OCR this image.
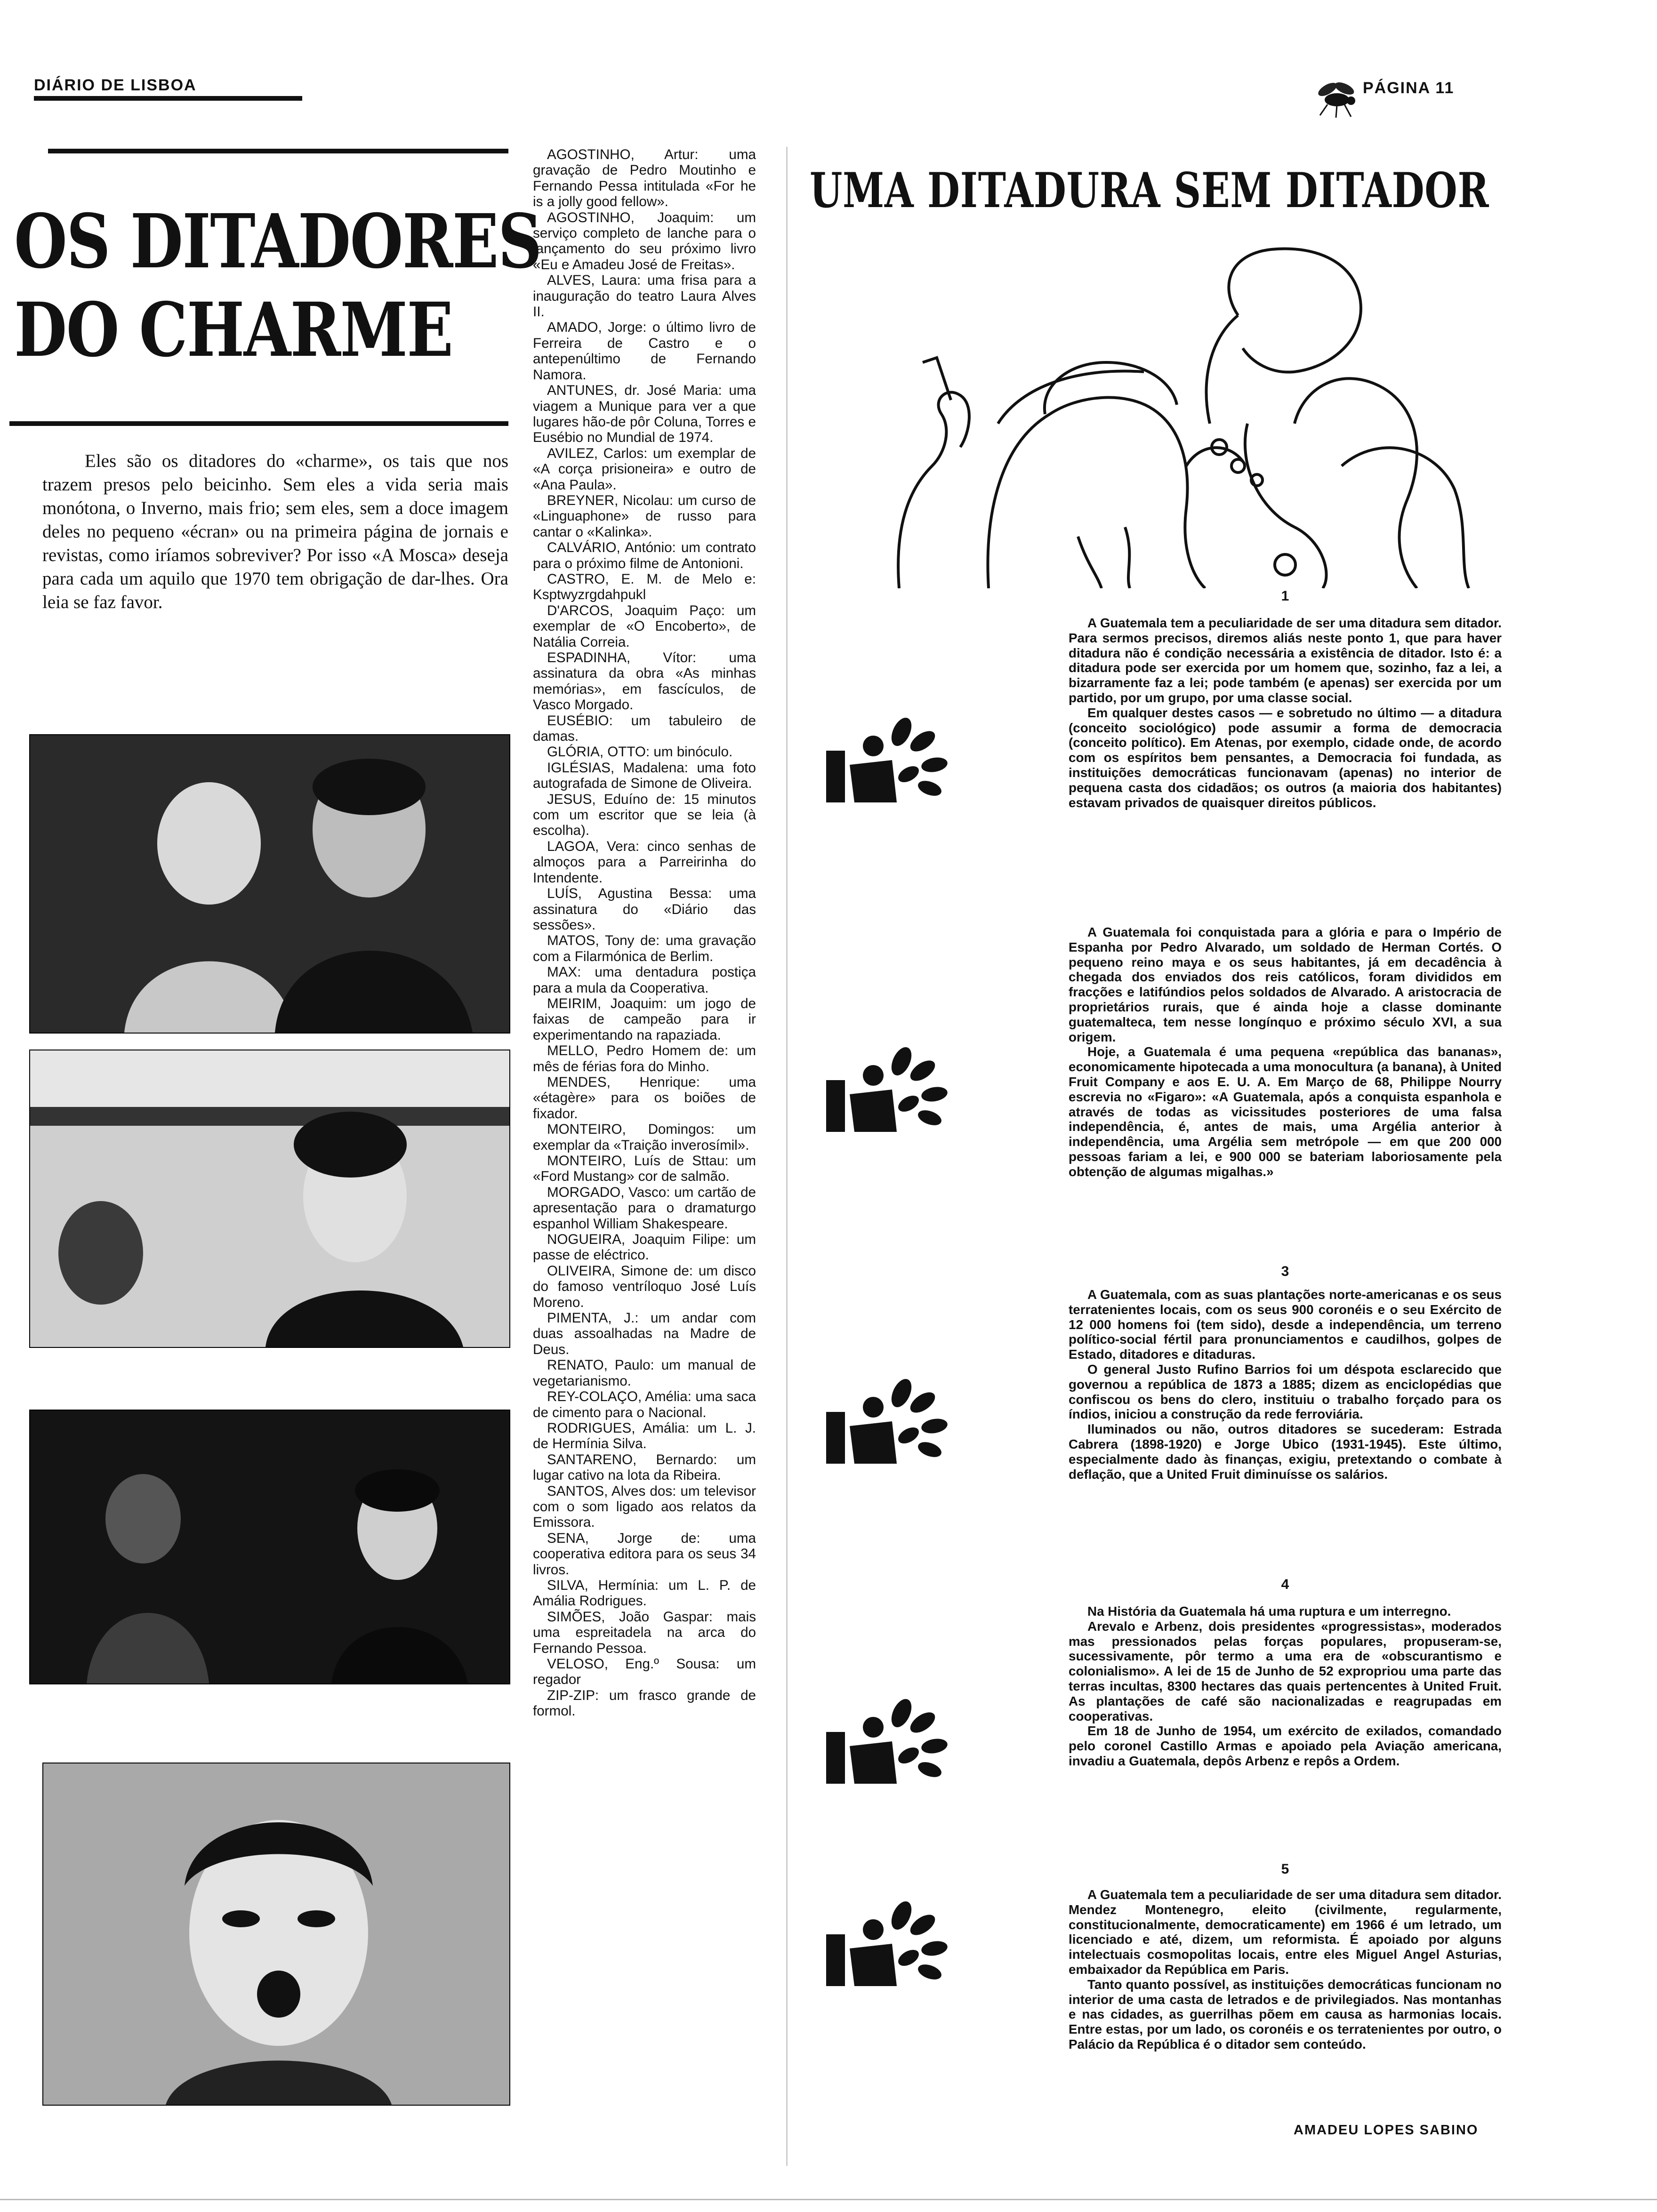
DIÁRIO DE LISBOA	PÁGINA 11
OS DITADORES
DO CHARME
Eles são os ditadores do «charme», os tais que nos trazem presos pelo beicinho. Sem eles a vida seria mais monótona, o Inverno, mais frio; sem eles, sem a doce imagem deles no pequeno «écran» ou na primeira página de jornais e revistas, como iríamos sobreviver? Por isso «A Mosca» deseja para cada um aquilo que 1970 tem obrigação de dar-lhes. Ora leia se faz favor.

AGOSTINHO, Artur: uma gravação de Pedro Moutinho e Fernando Pessa intitulada «For he is a jolly good fellow».

AGOSTINHO, Joaquim: um serviço completo de lanche para o lançamento do seu próximo livro «Eu e Amadeu José de Freitas».

ALVES, Laura: uma frisa para a inauguração do teatro Laura Alves II.

AMADO, Jorge: o último livro de Ferreira de Castro e o antepenúltimo de Fernando Namora.

ANTUNES, dr. José Maria: uma viagem a Munique para ver a que lugares hão-de pôr Coluna, Torres e Eusébio no Mundial de 1974.

AVILEZ, Carlos: um exemplar de «A corça prisioneira» e outro de «Ana Paula».

BREYNER, Nicolau: um curso de «Linguaphone» de russo para cantar o «Kalinka».

CALVÁRIO, António: um contrato para o próximo filme de Antonioni.

CASTRO, E. M. de Melo e: Ksptwyzrgdahpukl

D'ARCOS, Joaquim Paço: um exemplar de «O Encoberto», de Natália Correia.

ESPADINHA, Vítor: uma assinatura da obra «As minhas memórias», em fascículos, de Vasco Morgado.

EUSÉBIO: um tabuleiro de damas.

GLÓRIA, OTTO: um binóculo.

IGLÉSIAS, Madalena: uma foto autografada de Simone de Oliveira.

JESUS, Eduíno de: 15 minutos com um escritor que se leia (à escolha).

LAGOA, Vera: cinco senhas de almoços para a Parreirinha do Intendente.

LUÍS, Agustina Bessa: uma assinatura do «Diário das sessões».

MATOS, Tony de: uma gravação com a Filarmónica de Berlim.

MAX: uma dentadura postiça para a mula da Cooperativa.

MEIRIM, Joaquim: um jogo de faixas de campeão para ir experimentando na rapaziada.

MELLO, Pedro Homem de: um mês de férias fora do Minho.

MENDES, Henrique: uma «étagère» para os boiões de fixador.

MONTEIRO, Domingos: um exemplar da «Traição inverosímil».

MONTEIRO, Luís de Sttau: um «Ford Mustang» cor de salmão.

MORGADO, Vasco: um cartão de apresentação para o dramaturgo espanhol William Shakespeare.

NOGUEIRA, Joaquim Filipe: um passe de eléctrico.

OLIVEIRA, Simone de: um disco do famoso ventríloquo José Luís Moreno.

PIMENTA, J.: um andar com duas assoalhadas na Madre de Deus.

RENATO, Paulo: um manual de vegetarianismo.

REY-COLAÇO, Amélia: uma saca de cimento para o Nacional.

RODRIGUES, Amália: um L. J. de Hermínia Silva.

SANTARENO, Bernardo: um lugar cativo na lota da Ribeira.

SANTOS, Alves dos: um televisor com o som ligado aos relatos da Emissora.

SENA, Jorge de: uma cooperativa editora para os seus 34 livros.

SILVA, Hermínia: um L. P. de Amália Rodrigues.

SIMÕES, João Gaspar: mais uma espreitadela na arca do Fernando Pessoa.

VELOSO, Eng.º Sousa: um regador

ZIP-ZIP: um frasco grande de formol.

UMA DITADURA SEM DITADOR
1

A Guatemala tem a peculiaridade de ser uma ditadura sem ditador. Para sermos precisos, diremos aliás neste ponto 1, que para haver ditadura não é condição necessária a existência de ditador. Isto é: a ditadura pode ser exercida por um homem que, sozinho, faz a lei, a bizarramente faz a lei; pode também (e apenas) ser exercida por um partido, por um grupo, por uma classe social.

Em qualquer destes casos — e sobretudo no último — a ditadura (conceito sociológico) pode assumir a forma de democracia (conceito político). Em Atenas, por exemplo, cidade onde, de acordo com os espíritos bem pensantes, a Democracia foi fundada, as instituições democráticas funcionavam (apenas) no interior de pequena casta dos cidadãos; os outros (a maioria dos habitantes) estavam privados de quaisquer direitos públicos.

A Guatemala foi conquistada para a glória e para o Império de Espanha por Pedro Alvarado, um soldado de Herman Cortés. O pequeno reino maya e os seus habitantes, já em decadência à chegada dos enviados dos reis católicos, foram divididos em fracções e latifúndios pelos soldados de Alvarado. A aristocracia de proprietários rurais, que é ainda hoje a classe dominante guatemalteca, tem nesse longínquo e próximo século XVI, a sua origem.

Hoje, a Guatemala é uma pequena «república das bananas», economicamente hipotecada a uma monocultura (a banana), à United Fruit Company e aos E. U. A. Em Março de 68, Philippe Nourry escrevia no «Figaro»: «A Guatemala, após a conquista espanhola e através de todas as vicissitudes posteriores de uma falsa independência, é, antes de mais, uma Argélia anterior à independência, uma Argélia sem metrópole — em que 200 000 pessoas fariam a lei, e 900 000 se bateriam laboriosamente pela obtenção de algumas migalhas.»

3

A Guatemala, com as suas plantações norte-americanas e os seus terratenientes locais, com os seus 900 coronéis e o seu Exército de 12 000 homens foi (tem sido), desde a independência, um terreno político-social fértil para pronunciamentos e caudilhos, golpes de Estado, ditadores e ditaduras.

O general Justo Rufino Barrios foi um déspota esclarecido que governou a república de 1873 a 1885; dizem as enciclopédias que confiscou os bens do clero, instituiu o trabalho forçado para os índios, iniciou a construção da rede ferroviária.

Iluminados ou não, outros ditadores se sucederam: Estrada Cabrera (1898-1920) e Jorge Ubico (1931-1945). Este último, especialmente dado às finanças, exigiu, pretextando o combate à deflação, que a United Fruit diminuísse os salários.

4

Na História da Guatemala há uma ruptura e um interregno.

Arevalo e Arbenz, dois presidentes «progressistas», moderados mas pressionados pelas forças populares, propuseram-se, sucessivamente, pôr termo a uma era de «obscurantismo e colonialismo». A lei de 15 de Junho de 52 expropriou uma parte das terras incultas, 8300 hectares das quais pertencentes à United Fruit. As plantações de café são nacionalizadas e reagrupadas em cooperativas.

Em 18 de Junho de 1954, um exército de exilados, comandado pelo coronel Castillo Armas e apoiado pela Aviação americana, invadiu a Guatemala, depôs Arbenz e repôs a Ordem.

5

A Guatemala tem a peculiaridade de ser uma ditadura sem ditador. Mendez Montenegro, eleito (civilmente, regularmente, constitucionalmente, democraticamente) em 1966 é um letrado, um licenciado e até, dizem, um reformista. É apoiado por alguns intelectuais cosmopolitas locais, entre eles Miguel Angel Asturias, embaixador da República em Paris.

Tanto quanto possível, as instituições democráticas funcionam no interior de uma casta de letrados e de privilegiados. Nas montanhas e nas cidades, as guerrilhas põem em causa as harmonias locais. Entre estas, por um lado, os coronéis e os terratenientes por outro, o Palácio da República é o ditador sem conteúdo.

AMADEU LOPES SABINO
